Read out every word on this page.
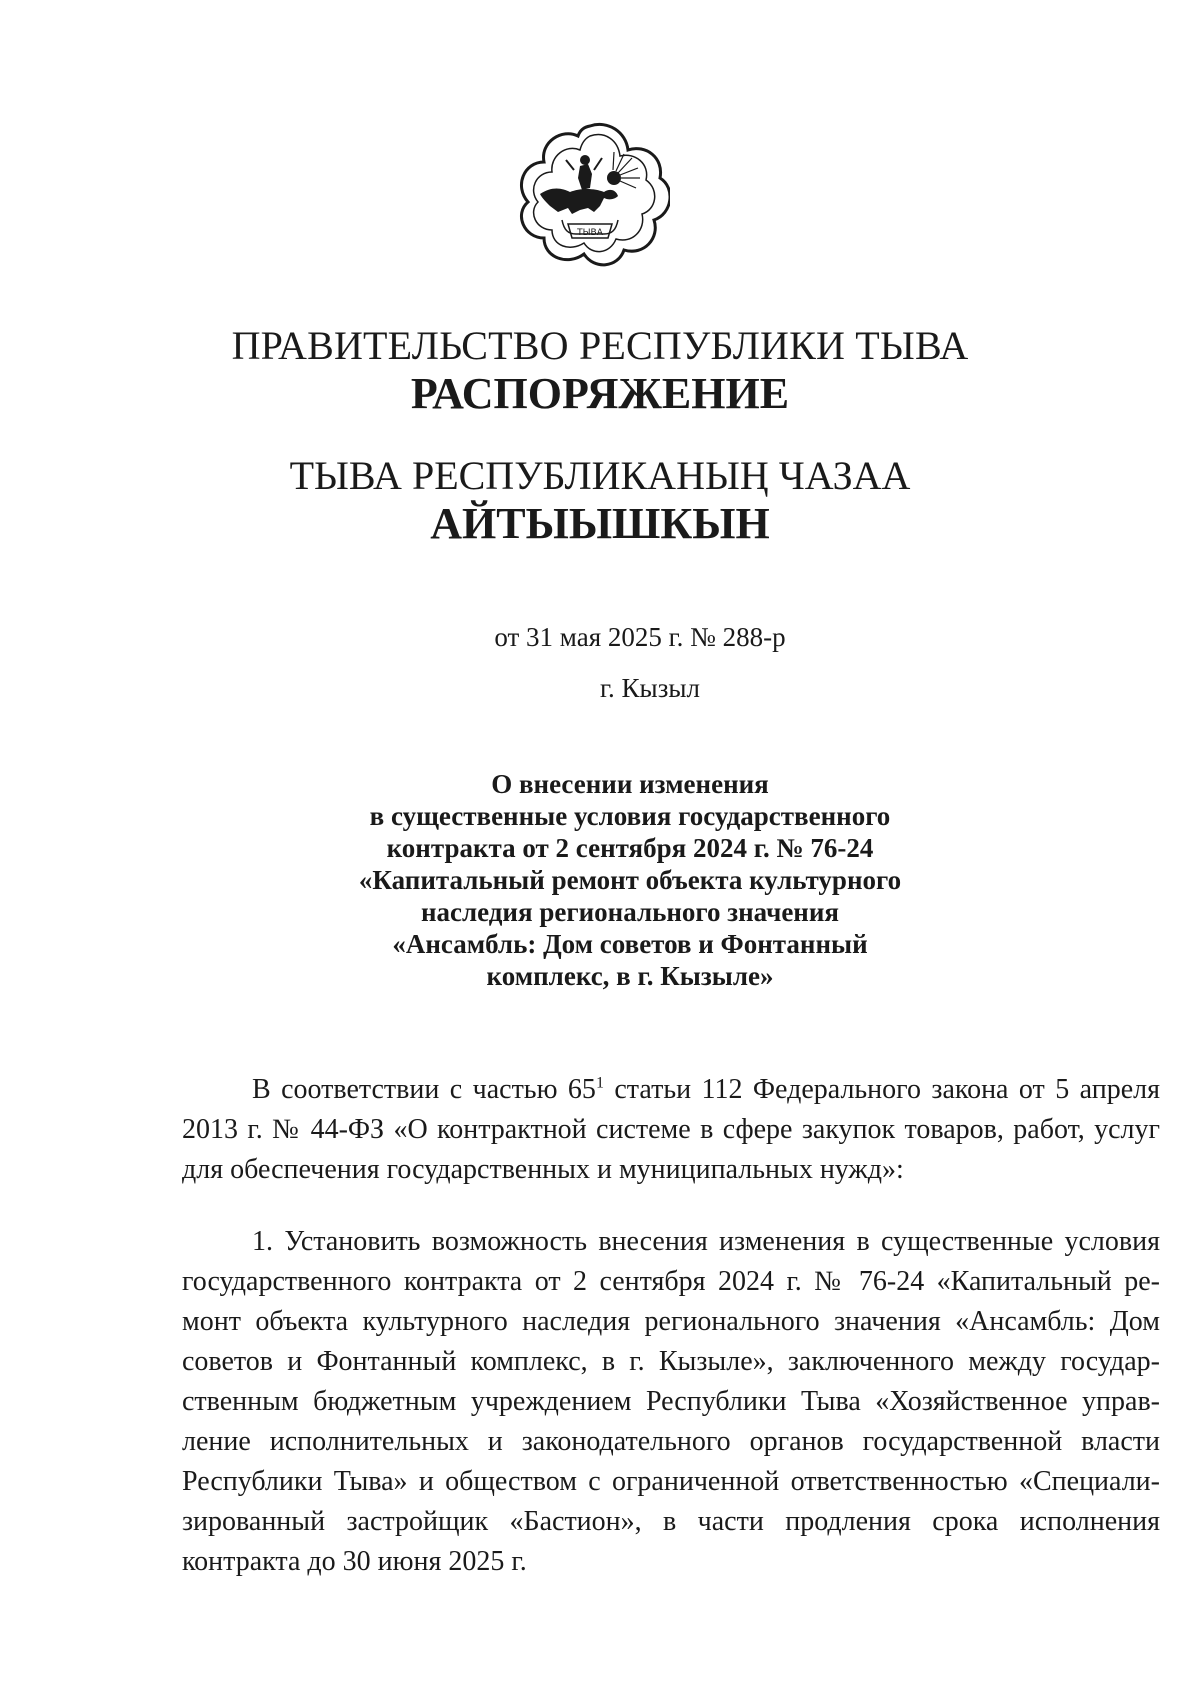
ТЫВА
ПРАВИТЕЛЬСТВО РЕСПУБЛИКИ ТЫВА
РАСПОРЯЖЕНИЕ
ТЫВА РЕСПУБЛИКАНЫҢ ЧАЗАА
АЙТЫЫШКЫН
от 31 мая 2025 г. № 288-р
г. Кызыл
О внесении изменения
в существенные условия государственного
контракта от 2 сентября 2024 г. № 76-24
«Капитальный ремонт объекта культурного
наследия регионального значения
«Ансамбль: Дом советов и Фонтанный
комплекс, в г. Кызыле»
В соответствии с частью $65^1$ статьи 112 Федерального закона от 5 апреля
2013 г. № 44-ФЗ «О контрактной системе в сфере закупок товаров, работ, услуг
для обеспечения государственных и муниципальных нужд»:
1. Установить возможность внесения изменения в существенные условия
государственного контракта от 2 сентября 2024 г. № 76-24 «Капитальный ре-
монт объекта культурного наследия регионального значения «Ансамбль: Дом
советов и Фонтанный комплекс, в г. Кызыле», заключенного между государ-
ственным бюджетным учреждением Республики Тыва «Хозяйственное управ-
ление исполнительных и законодательного органов государственной власти
Республики Тыва» и обществом с ограниченной ответственностью «Специали-
зированный застройщик «Бастион», в части продления срока исполнения
контракта до 30 июня 2025 г.
